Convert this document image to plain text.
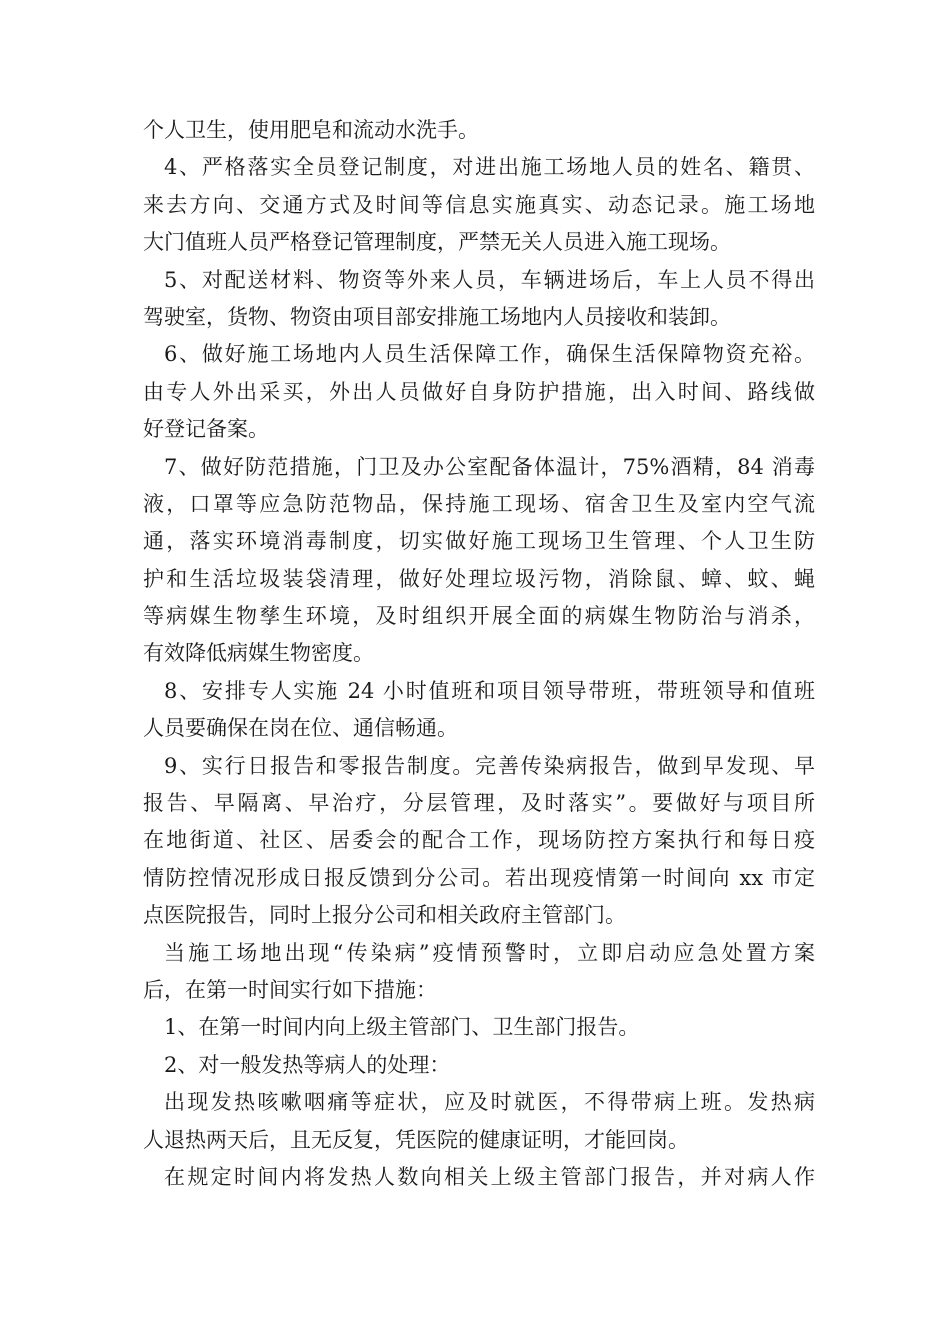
个人卫生，使用肥皂和流动水洗手。
4、严格落实全员登记制度，对进出施工场地人员的姓名、籍贯、
来去方向、交通方式及时间等信息实施真实、动态记录。施工场地
大门值班人员严格登记管理制度，严禁无关人员进入施工现场。
5、对配送材料、物资等外来人员，车辆进场后，车上人员不得出
驾驶室，货物、物资由项目部安排施工场地内人员接收和装卸。
6、做好施工场地内人员生活保障工作，确保生活保障物资充裕。
由专人外出采买，外出人员做好自身防护措施，出入时间、路线做
好登记备案。
7、做好防范措施，门卫及办公室配备体温计，75%酒精，84 消毒
液，口罩等应急防范物品，保持施工现场、宿舍卫生及室内空气流
通，落实环境消毒制度，切实做好施工现场卫生管理、个人卫生防
护和生活垃圾装袋清理，做好处理垃圾污物，消除鼠、蟑、蚊、蝇
等病媒生物孳生环境，及时组织开展全面的病媒生物防治与消杀，
有效降低病媒生物密度。
8、安排专人实施 24 小时值班和项目领导带班，带班领导和值班
人员要确保在岗在位、通信畅通。
9、实行日报告和零报告制度。完善传染病报告，做到早发现、早
报告、早隔离、早治疗，分层管理，及时落实”。要做好与项目所
在地街道、社区、居委会的配合工作，现场防控方案执行和每日疫
情防控情况形成日报反馈到分公司。若出现疫情第一时间向 xx 市定
点医院报告，同时上报分公司和相关政府主管部门。
当施工场地出现“传染病”疫情预警时，立即启动应急处置方案
后，在第一时间实行如下措施：
1、在第一时间内向上级主管部门、卫生部门报告。
2、对一般发热等病人的处理：
出现发热咳嗽咽痛等症状，应及时就医，不得带病上班。发热病
人退热两天后，且无反复，凭医院的健康证明，才能回岗。
在规定时间内将发热人数向相关上级主管部门报告，并对病人作
